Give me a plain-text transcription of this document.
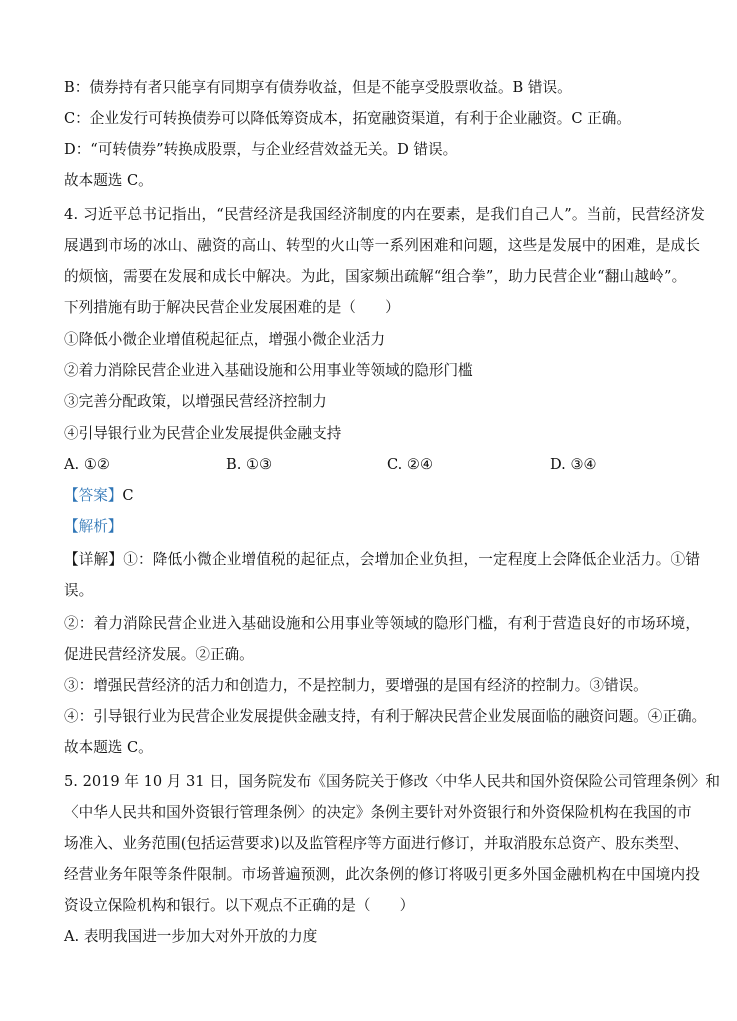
B：债券持有者只能享有同期享有债券收益，但是不能享受股票收益。B 错误。
C：企业发行可转换债券可以降低筹资成本，拓宽融资渠道，有利于企业融资。C 正确。
D：“可转债券”转换成股票，与企业经营效益无关。D 错误。
故本题选 C。
4. 习近平总书记指出，“民营经济是我国经济制度的内在要素，是我们自己人”。当前，民营经济发
展遇到市场的冰山、融资的高山、转型的火山等一系列困难和问题，这些是发展中的困难，是成长
的烦恼，需要在发展和成长中解决。为此，国家频出疏解“组合拳”，助力民营企业“翻山越岭”。
下列措施有助于解决民营企业发展困难的是（　　）
①降低小微企业增值税起征点，增强小微企业活力
②着力消除民营企业进入基础设施和公用事业等领域的隐形门槛
③完善分配政策，以增强民营经济控制力
④引导银行业为民营企业发展提供金融支持
A. ①②	B. ①③	C. ②④	D. ③④
【答案】C
【解析】
【详解】①：降低小微企业增值税的起征点，会增加企业负担，一定程度上会降低企业活力。①错
误。
②：着力消除民营企业进入基础设施和公用事业等领域的隐形门槛，有利于营造良好的市场环境，
促进民营经济发展。②正确。
③：增强民营经济的活力和创造力，不是控制力，要增强的是国有经济的控制力。③错误。
④：引导银行业为民营企业发展提供金融支持，有利于解决民营企业发展面临的融资问题。④正确。
故本题选 C。
5. 2019 年 10 月 31 日，国务院发布《国务院关于修改〈中华人民共和国外资保险公司管理条例〉和
〈中华人民共和国外资银行管理条例〉的决定》条例主要针对外资银行和外资保险机构在我国的市
场准入、业务范围(包括运营要求)以及监管程序等方面进行修订，并取消股东总资产、股东类型、
经营业务年限等条件限制。市场普遍预测，此次条例的修订将吸引更多外国金融机构在中国境内投
资设立保险机构和银行。以下观点不正确的是（　　）
A. 表明我国进一步加大对外开放的力度
